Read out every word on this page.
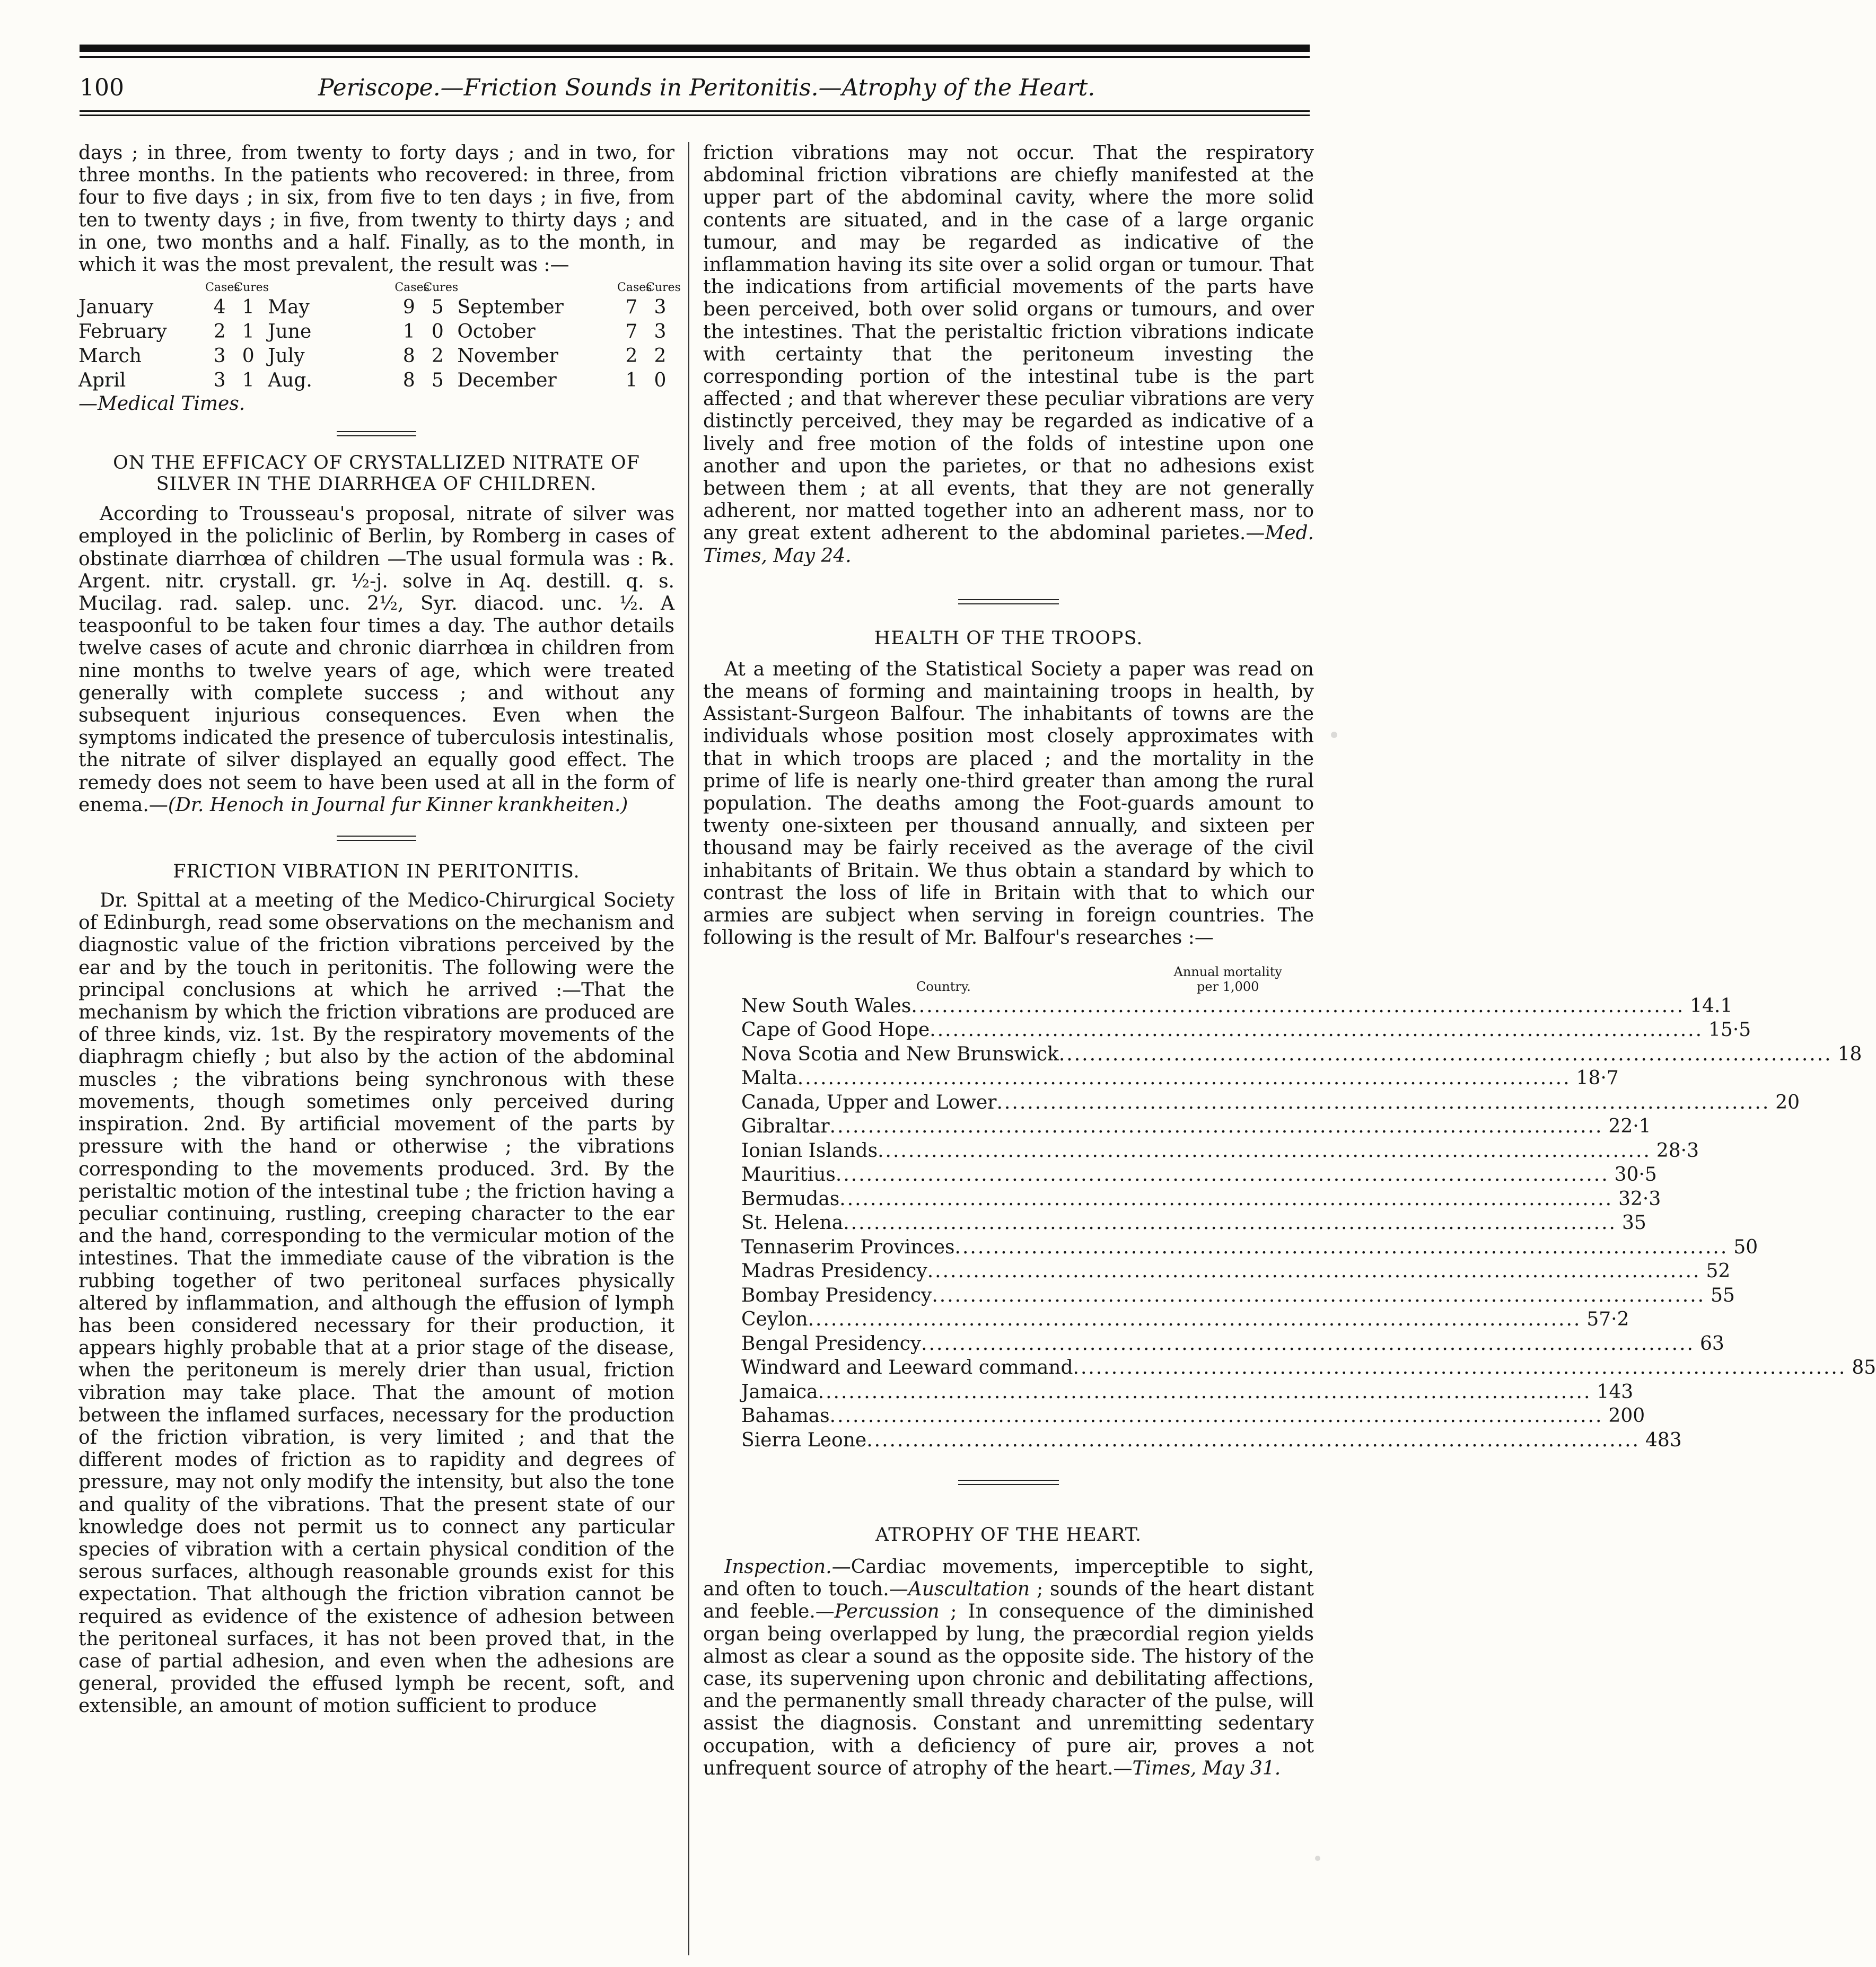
100	Periscope.—Friction Sounds in Peritonitis.—Atrophy of the Heart.

days ; in three, from twenty to forty days ; and in two, for three months. In the patients who recovered: in three, from four to five days ; in six, from five to ten days ; in five, from ten to twenty days ; in five, from twenty to thirty days ; and in one, two months and a half. Finally, as to the month, in which it was the most prevalent, the result was :—

Cases
Cures
January	4 1
February	2 1
March	3 0
April	3 1
Cases
Cures
May	9 5
June	1 0
July	8 2
Aug.	8 5
Cases
Cures
September	7 3
October	7 3
November	2 2
December	1 0
—Medical Times.

ON THE EFFICACY OF CRYSTALLIZED NITRATE OF SILVER IN THE DIARRHŒA OF CHILDREN.

According to Trousseau's proposal, nitrate of silver was employed in the policlinic of Berlin, by Romberg in cases of obstinate diarrhœa of children —The usual formula was : ℞. Argent. nitr. crystall. gr. ½-j. solve in Aq. destill. q. s. Mucilag. rad. salep. unc. 2½, Syr. diacod. unc. ½. A teaspoonful to be taken four times a day. The author details twelve cases of acute and chronic diarrhœa in children from nine months to twelve years of age, which were treated generally with complete success ; and without any subsequent injurious consequences. Even when the symptoms indicated the presence of tuberculosis intestinalis, the nitrate of silver displayed an equally good effect. The remedy does not seem to have been used at all in the form of enema.—(Dr. Henoch in Journal fur Kinner krankheiten.)

FRICTION VIBRATION IN PERITONITIS.

Dr. Spittal at a meeting of the Medico-Chirurgical Society of Edinburgh, read some observations on the mechanism and diagnostic value of the friction vibrations perceived by the ear and by the touch in peritonitis. The following were the principal conclusions at which he arrived :—That the mechanism by which the friction vibrations are produced are of three kinds, viz. 1st. By the respiratory movements of the diaphragm chiefly ; but also by the action of the abdominal muscles ; the vibrations being synchronous with these movements, though sometimes only perceived during inspiration. 2nd. By artificial movement of the parts by pressure with the hand or otherwise ; the vibrations corresponding to the movements produced. 3rd. By the peristaltic motion of the intestinal tube ; the friction having a peculiar continuing, rustling, creeping character to the ear and the hand, corresponding to the vermicular motion of the intestines. That the immediate cause of the vibration is the rubbing together of two peritoneal surfaces physically altered by inflammation, and although the effusion of lymph has been considered necessary for their production, it appears highly probable that at a prior stage of the disease, when the peritoneum is merely drier than usual, friction vibration may take place. That the amount of motion between the inflamed surfaces, necessary for the production of the friction vibration, is very limited ; and that the different modes of friction as to rapidity and degrees of pressure, may not only modify the intensity, but also the tone and quality of the vibrations. That the present state of our knowledge does not permit us to connect any particular species of vibration with a certain physical condition of the serous surfaces, although reasonable grounds exist for this expectation. That although the friction vibration cannot be required as evidence of the existence of adhesion between the peritoneal surfaces, it has not been proved that, in the case of partial adhesion, and even when the adhesions are general, provided the effused lymph be recent, soft, and extensible, an amount of motion sufficient to produce

friction vibrations may not occur. That the respiratory abdominal friction vibrations are chiefly manifested at the upper part of the abdominal cavity, where the more solid contents are situated, and in the case of a large organic tumour, and may be regarded as indicative of the inflammation having its site over a solid organ or tumour. That the indications from artificial movements of the parts have been perceived, both over solid organs or tumours, and over the intestines. That the peristaltic friction vibrations indicate with certainty that the peritoneum investing the corresponding portion of the intestinal tube is the part affected ; and that wherever these peculiar vibrations are very distinctly perceived, they may be regarded as indicative of a lively and free motion of the folds of intestine upon one another and upon the parietes, or that no adhesions exist between them ; at all events, that they are not generally adherent, nor matted together into an adherent mass, nor to any great extent adherent to the abdominal parietes.—Med. Times, May 24.

HEALTH OF THE TROOPS.

At a meeting of the Statistical Society a paper was read on the means of forming and maintaining troops in health, by Assistant-Surgeon Balfour. The inhabitants of towns are the individuals whose position most closely approximates with that in which troops are placed ; and the mortality in the prime of life is nearly one-third greater than among the rural population. The deaths among the Foot-guards amount to twenty one-sixteen per thousand annually, and sixteen per thousand may be fairly received as the average of the civil inhabitants of Britain. We thus obtain a standard by which to contrast the loss of life in Britain with that to which our armies are subject when serving in foreign countries. The following is the result of Mr. Balfour's researches :—

Country.
Annual mortality
per 1,000
New South Wales .....	14.1
Cape of Good Hope .....	15·5
Nova Scotia and New Brunswick .....	18
Malta .....	18·7
Canada, Upper and Lower .....	20
Gibraltar .....	22·1
Ionian Islands .....	28·3
Mauritius .....	30·5
Bermudas .....	32·3
St. Helena .....	35
Tennaserim Provinces .....	50
Madras Presidency .....	52
Bombay Presidency .....	55
Ceylon .....	57·2
Bengal Presidency .....	63
Windward and Leeward command .....	85
Jamaica .....	143
Bahamas .....	200
Sierra Leone .....	483

ATROPHY OF THE HEART.

Inspection.—Cardiac movements, imperceptible to sight, and often to touch.—Auscultation ; sounds of the heart distant and feeble.—Percussion ; In consequence of the diminished organ being overlapped by lung, the præcordial region yields almost as clear a sound as the opposite side. The history of the case, its supervening upon chronic and debilitating affections, and the permanently small thready character of the pulse, will assist the diagnosis. Constant and unremitting sedentary occupation, with a deficiency of pure air, proves a not unfrequent source of atrophy of the heart.—Times, May 31.
